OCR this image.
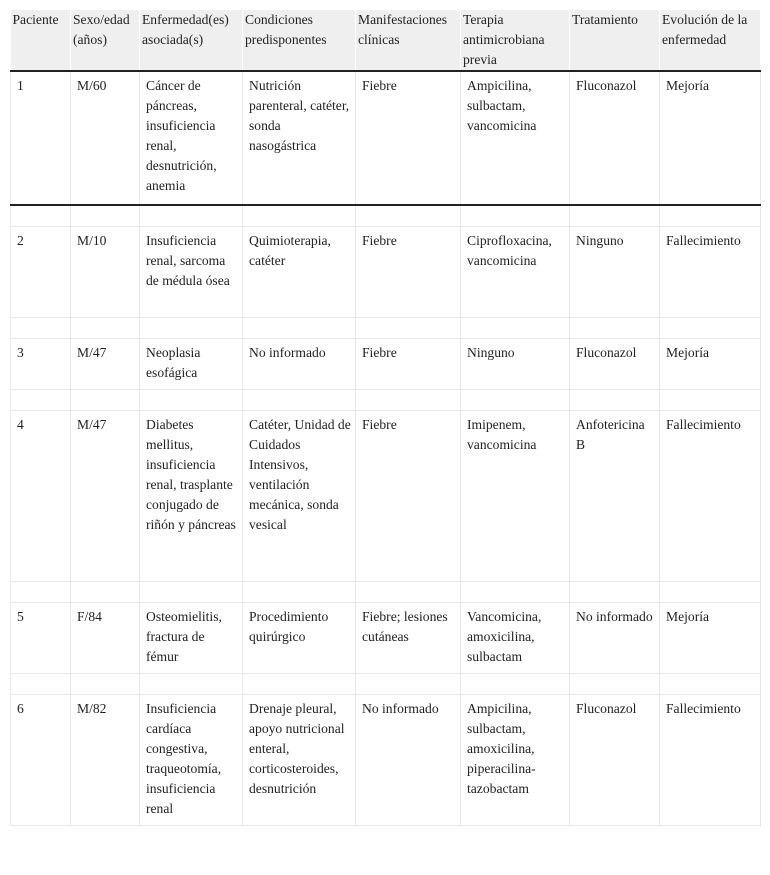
Paciente	Sexo/edad (años)	Enfermedad(es) asociada(s)	Condiciones predisponentes	Manifestaciones clínicas	Terapia antimicrobiana previa	Tratamiento	Evolución de la enfermedad
1	M/60	Cáncer de páncreas, insuficiencia renal, desnutrición, anemia	Nutrición parenteral, catéter, sonda nasogástrica	Fiebre	Ampicilina, sulbactam, vancomicina	Fluconazol	Mejoría

2	M/10	Insuficiencia renal, sarcoma de médula ósea	Quimioterapia, catéter	Fiebre	Ciprofloxacina, vancomicina	Ninguno	Fallecimiento

3	M/47	Neoplasia esofágica	No informado	Fiebre	Ninguno	Fluconazol	Mejoría

4	M/47	Diabetes mellitus, insuficiencia renal, trasplante conjugado de riñón y páncreas	Catéter, Unidad de Cuidados Intensivos, ventilación mecánica, sonda vesical	Fiebre	Imipenem, vancomicina	Anfotericina B	Fallecimiento

5	F/84	Osteomielitis, fractura de fémur	Procedimiento quirúrgico	Fiebre; lesiones cutáneas	Vancomicina, amoxicilina, sulbactam	No informado	Mejoría

6	M/82	Insuficiencia cardíaca congestiva, traqueotomía, insuficiencia renal	Drenaje pleural, apoyo nutricional enteral, corticosteroides, desnutrición	No informado	Ampicilina, sulbactam, amoxicilina, piperacilina-tazobactam	Fluconazol	Fallecimiento
